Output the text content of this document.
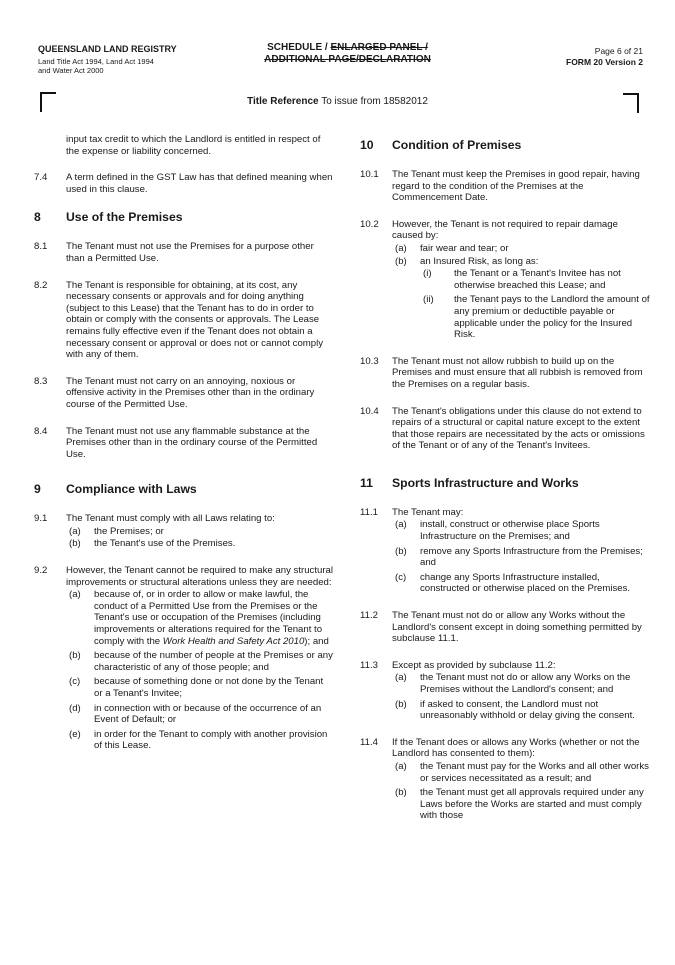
QUEENSLAND LAND REGISTRY
Land Title Act 1994, Land Act 1994
and Water Act 2000
SCHEDULE / ENLARGED PANEL /
ADDITIONAL PAGE/DECLARATION
Page 6 of 21
FORM 20 Version 2
Title Reference To issue from 18582012
input tax credit to which the Landlord is entitled in respect of the expense or liability concerned.
7.4 A term defined in the GST Law has that defined meaning when used in this clause.
8 Use of the Premises
8.1 The Tenant must not use the Premises for a purpose other than a Permitted Use.
8.2 The Tenant is responsible for obtaining, at its cost, any necessary consents or approvals and for doing anything (subject to this Lease) that the Tenant has to do in order to obtain or comply with the consents or approvals. The Lease remains fully effective even if the Tenant does not obtain a necessary consent or approval or does not or cannot comply with any of them.
8.3 The Tenant must not carry on an annoying, noxious or offensive activity in the Premises other than in the ordinary course of the Permitted Use.
8.4 The Tenant must not use any flammable substance at the Premises other than in the ordinary course of the Permitted Use.
9 Compliance with Laws
9.1 The Tenant must comply with all Laws relating to:
(a) the Premises; or
(b) the Tenant's use of the Premises.
9.2 However, the Tenant cannot be required to make any structural improvements or structural alterations unless they are needed:
(a) because of, or in order to allow or make lawful, the conduct of a Permitted Use from the Premises or the Tenant's use or occupation of the Premises (including improvements or alterations required for the Tenant to comply with the Work Health and Safety Act 2010); and
(b) because of the number of people at the Premises or any characteristic of any of those people; and
(c) because of something done or not done by the Tenant or a Tenant's Invitee;
(d) in connection with or because of the occurrence of an Event of Default; or
(e) in order for the Tenant to comply with another provision of this Lease.
10 Condition of Premises
10.1 The Tenant must keep the Premises in good repair, having regard to the condition of the Premises at the Commencement Date.
10.2 However, the Tenant is not required to repair damage caused by:
(a) fair wear and tear; or
(b) an Insured Risk, as long as:
(i) the Tenant or a Tenant's Invitee has not otherwise breached this Lease; and
(ii) the Tenant pays to the Landlord the amount of any premium or deductible payable or applicable under the policy for the Insured Risk.
10.3 The Tenant must not allow rubbish to build up on the Premises and must ensure that all rubbish is removed from the Premises on a regular basis.
10.4 The Tenant's obligations under this clause do not extend to repairs of a structural or capital nature except to the extent that those repairs are necessitated by the acts or omissions of the Tenant or of any of the Tenant's Invitees.
11 Sports Infrastructure and Works
11.1 The Tenant may:
(a) install, construct or otherwise place Sports Infrastructure on the Premises; and
(b) remove any Sports Infrastructure from the Premises; and
(c) change any Sports Infrastructure installed, constructed or otherwise placed on the Premises.
11.2 The Tenant must not do or allow any Works without the Landlord's consent except in doing something permitted by subclause 11.1.
11.3 Except as provided by subclause 11.2:
(a) the Tenant must not do or allow any Works on the Premises without the Landlord's consent; and
(b) if asked to consent, the Landlord must not unreasonably withhold or delay giving the consent.
11.4 If the Tenant does or allows any Works (whether or not the Landlord has consented to them):
(a) the Tenant must pay for the Works and all other works or services necessitated as a result; and
(b) the Tenant must get all approvals required under any Laws before the Works are started and must comply with those
